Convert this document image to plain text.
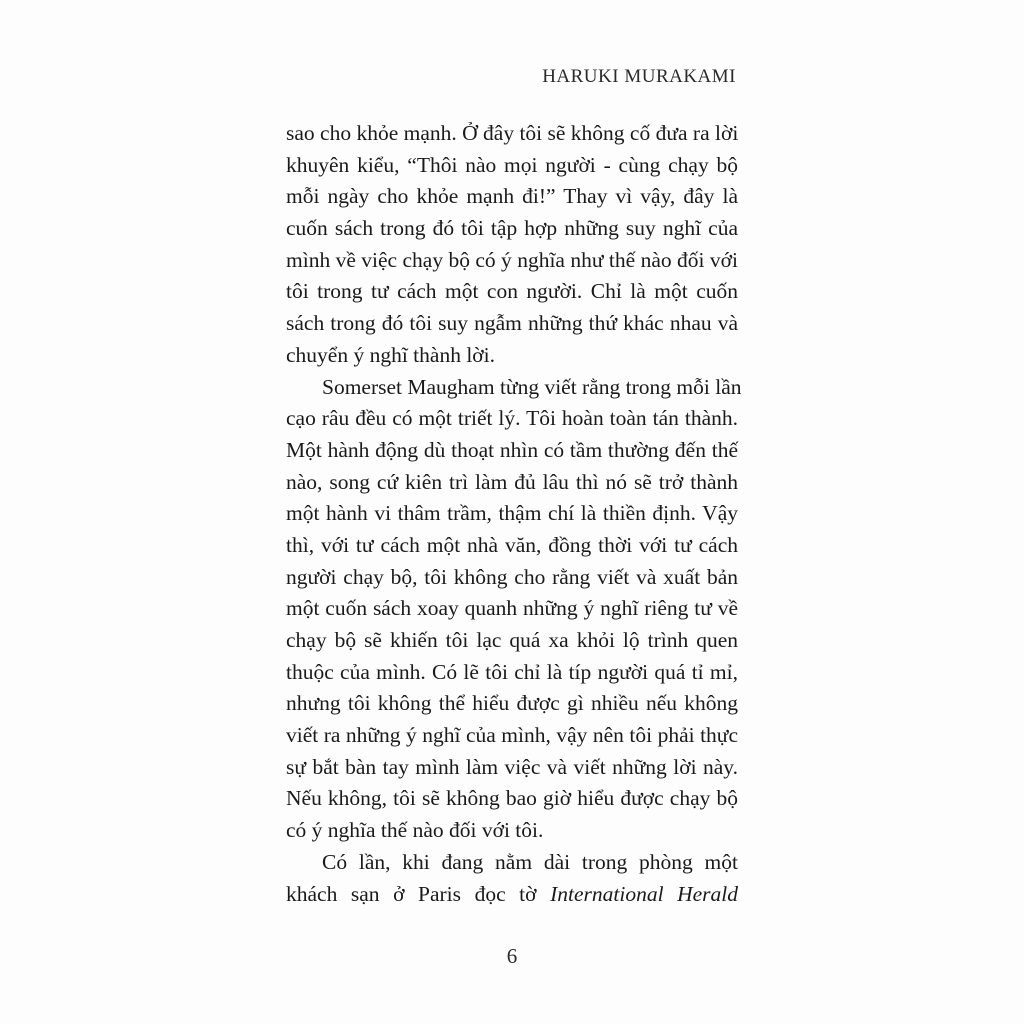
HARUKI MURAKAMI
sao cho khỏe mạnh. Ở đây tôi sẽ không cố đưa ra lời
khuyên kiểu, “Thôi nào mọi người - cùng chạy bộ
mỗi ngày cho khỏe mạnh đi!” Thay vì vậy, đây là
cuốn sách trong đó tôi tập hợp những suy nghĩ của
mình về việc chạy bộ có ý nghĩa như thế nào đối với
tôi trong tư cách một con người. Chỉ là một cuốn
sách trong đó tôi suy ngẫm những thứ khác nhau và
chuyển ý nghĩ thành lời.
Somerset Maugham từng viết rằng trong mỗi lần
cạo râu đều có một triết lý. Tôi hoàn toàn tán thành.
Một hành động dù thoạt nhìn có tầm thường đến thế
nào, song cứ kiên trì làm đủ lâu thì nó sẽ trở thành
một hành vi thâm trầm, thậm chí là thiền định. Vậy
thì, với tư cách một nhà văn, đồng thời với tư cách
người chạy bộ, tôi không cho rằng viết và xuất bản
một cuốn sách xoay quanh những ý nghĩ riêng tư về
chạy bộ sẽ khiến tôi lạc quá xa khỏi lộ trình quen
thuộc của mình. Có lẽ tôi chỉ là típ người quá tỉ mỉ,
nhưng tôi không thể hiểu được gì nhiều nếu không
viết ra những ý nghĩ của mình, vậy nên tôi phải thực
sự bắt bàn tay mình làm việc và viết những lời này.
Nếu không, tôi sẽ không bao giờ hiểu được chạy bộ
có ý nghĩa thế nào đối với tôi.
Có lần, khi đang nằm dài trong phòng một
khách sạn ở Paris đọc tờ International Herald
6
